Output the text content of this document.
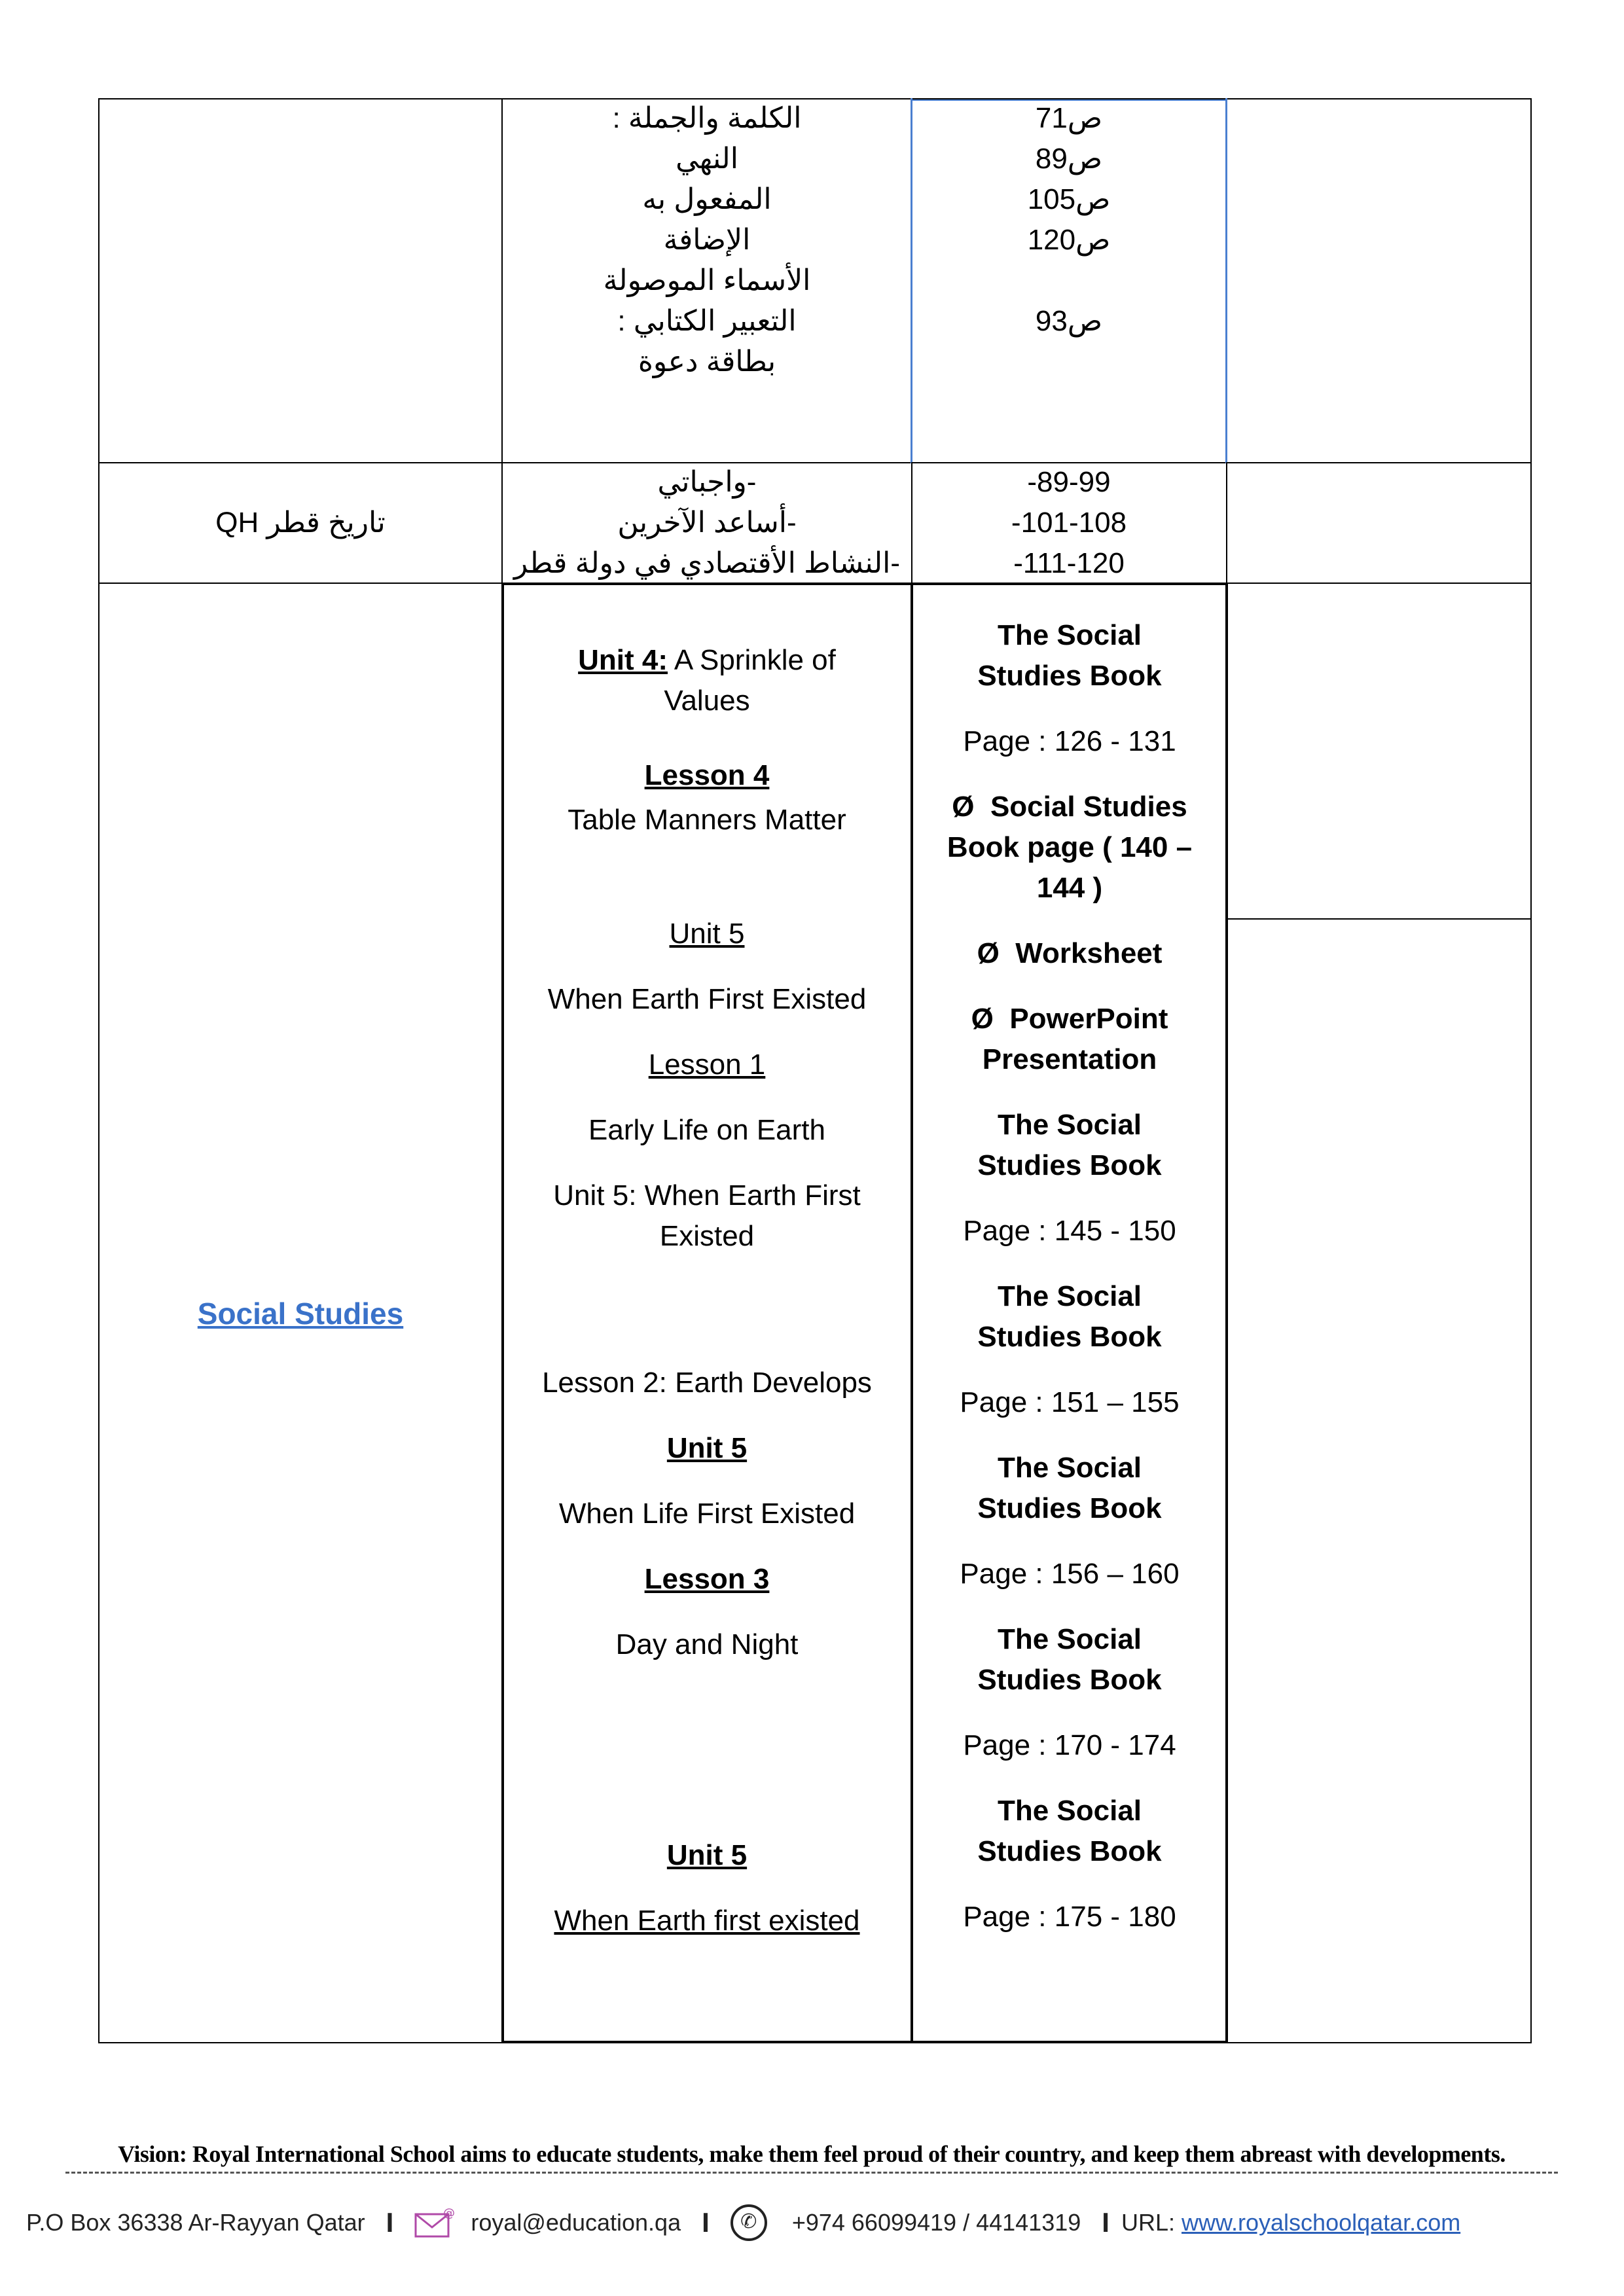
الكلمة والجملة :
النهي
المفعول به
الإضافة
الأسماء الموصولة
التعبير الكتابي :
بطاقة دعوة
ص71
ص89
ص105
ص120
ص93
تاريخ قطر QH
-واجباتي
-أساعد الآخرين
-النشاط الأقتصادي في دولة قطر
-89-99
-101-108
-111-120
Social Studies
Unit 4: A Sprinkle of
Values
Lesson 4
Table Manners Matter
Unit 5
When Earth First Existed
Lesson 1
Early Life on Earth
Unit 5: When Earth First
Existed
Lesson 2: Earth Develops
Unit 5
When Life First Existed
Lesson 3
Day and Night
Unit 5
When Earth first existed
The Social
Studies Book
Page : 126 - 131
Ø Social Studies
Book page ( 140 –
144 )
Ø Worksheet
Ø PowerPoint
Presentation
The Social
Studies Book
Page : 145 - 150
The Social
Studies Book
Page : 151 – 155
The Social
Studies Book
Page : 156 – 160
The Social
Studies Book
Page : 170 - 174
The Social
Studies Book
Page : 175 - 180
Vision: Royal International School aims to educate students, make them feel proud of their country, and keep them abreast with developments.
P.O Box 36338 Ar-Rayyan Qatar I	@ royal@education.qa I ✆ +974 66099419 / 44141319 I URL: www.royalschoolqatar.com
